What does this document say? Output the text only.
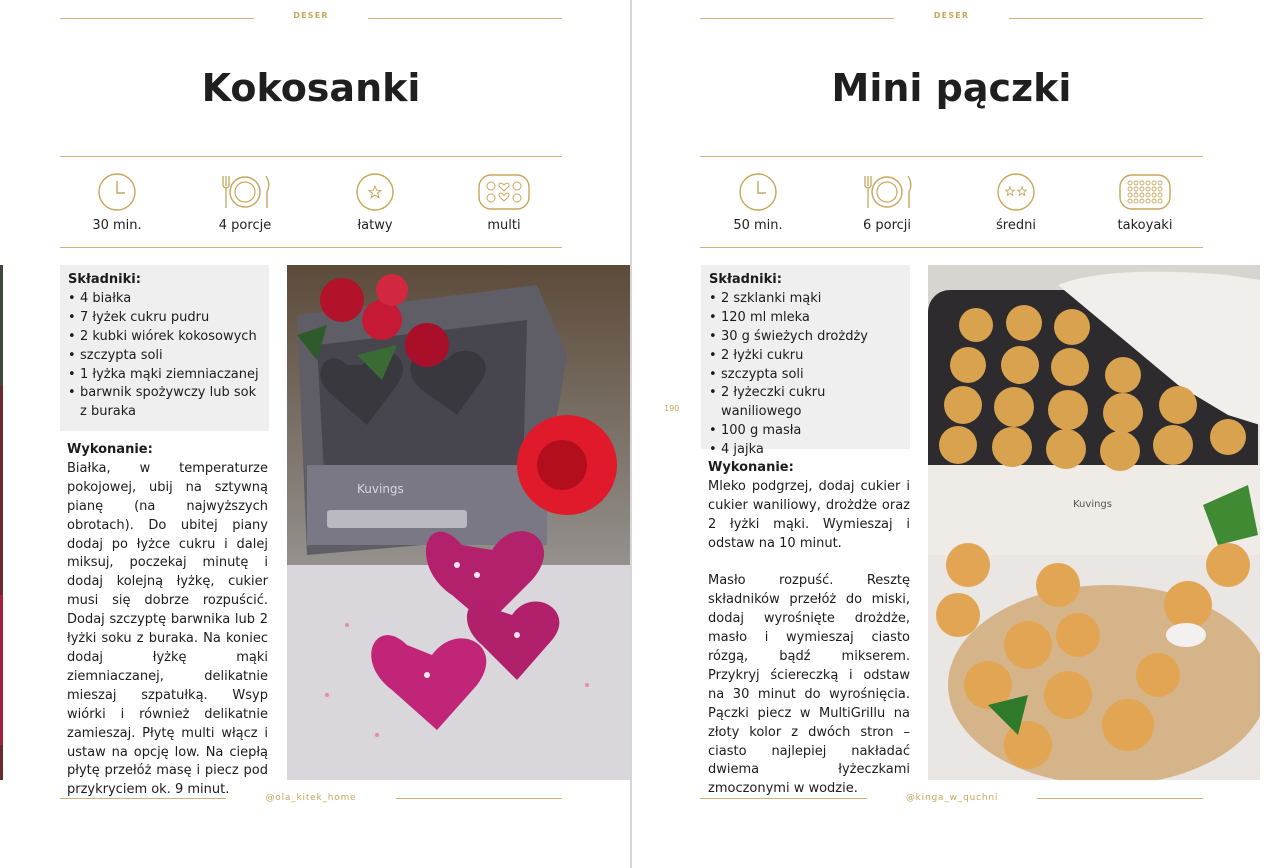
DESER
Kokosanki
30 min.	4 porcje	łatwy	multi
Składniki:
• 4 białka
• 7 łyżek cukru pudru
• 2 kubki wiórek kokosowych
• szczypta soli
• 1 łyżka mąki ziemniaczanej
• barwnik spożywczy lub sok z buraka
Wykonanie:

Białka, w temperaturze pokojowej, ubij na sztywną pianę (na najwyższych obrotach). Do ubitej piany dodaj po łyżce cukru i dalej miksuj, poczekaj minutę i dodaj kolejną łyżkę, cukier musi się dobrze rozpuścić. Dodaj szczyptę barwnika lub 2 łyżki soku z buraka. Na koniec dodaj łyżkę mąki ziemniaczanej, delikatnie mieszaj szpatułką. Wsyp wiórki i również delikatnie zamieszaj. Płytę multi włącz i ustaw na opcję low. Na ciepłą płytę przełóż masę i piecz pod przykryciem ok. 9 minut.

Kuvings
@ola_kitek_home
190
DESER
Mini pączki
50 min.	6 porcji	średni	takoyaki
Składniki:
• 2 szklanki mąki
• 120 ml mleka
• 30 g świeżych drożdży
• 2 łyżki cukru
• szczypta soli
• 2 łyżeczki cukru waniliowego
• 100 g masła
• 4 jajka
Wykonanie:

Mleko podgrzej, dodaj cukier i cukier waniliowy, drożdże oraz 2 łyżki mąki. Wymieszaj i odstaw na 10 minut.

Masło rozpuść. Resztę składników przełóż do miski, dodaj wyrośnięte drożdże, masło i wymieszaj ciasto rózgą, bądź mikserem. Przykryj ściereczką i odstaw na 30 minut do wyrośnięcia. Pączki piecz w MultiGrillu na złoty kolor z dwóch stron – ciasto najlepiej nakładać dwiema łyżeczkami zmoczonymi w wodzie.

Kuvings
@kinga_w_quchni
